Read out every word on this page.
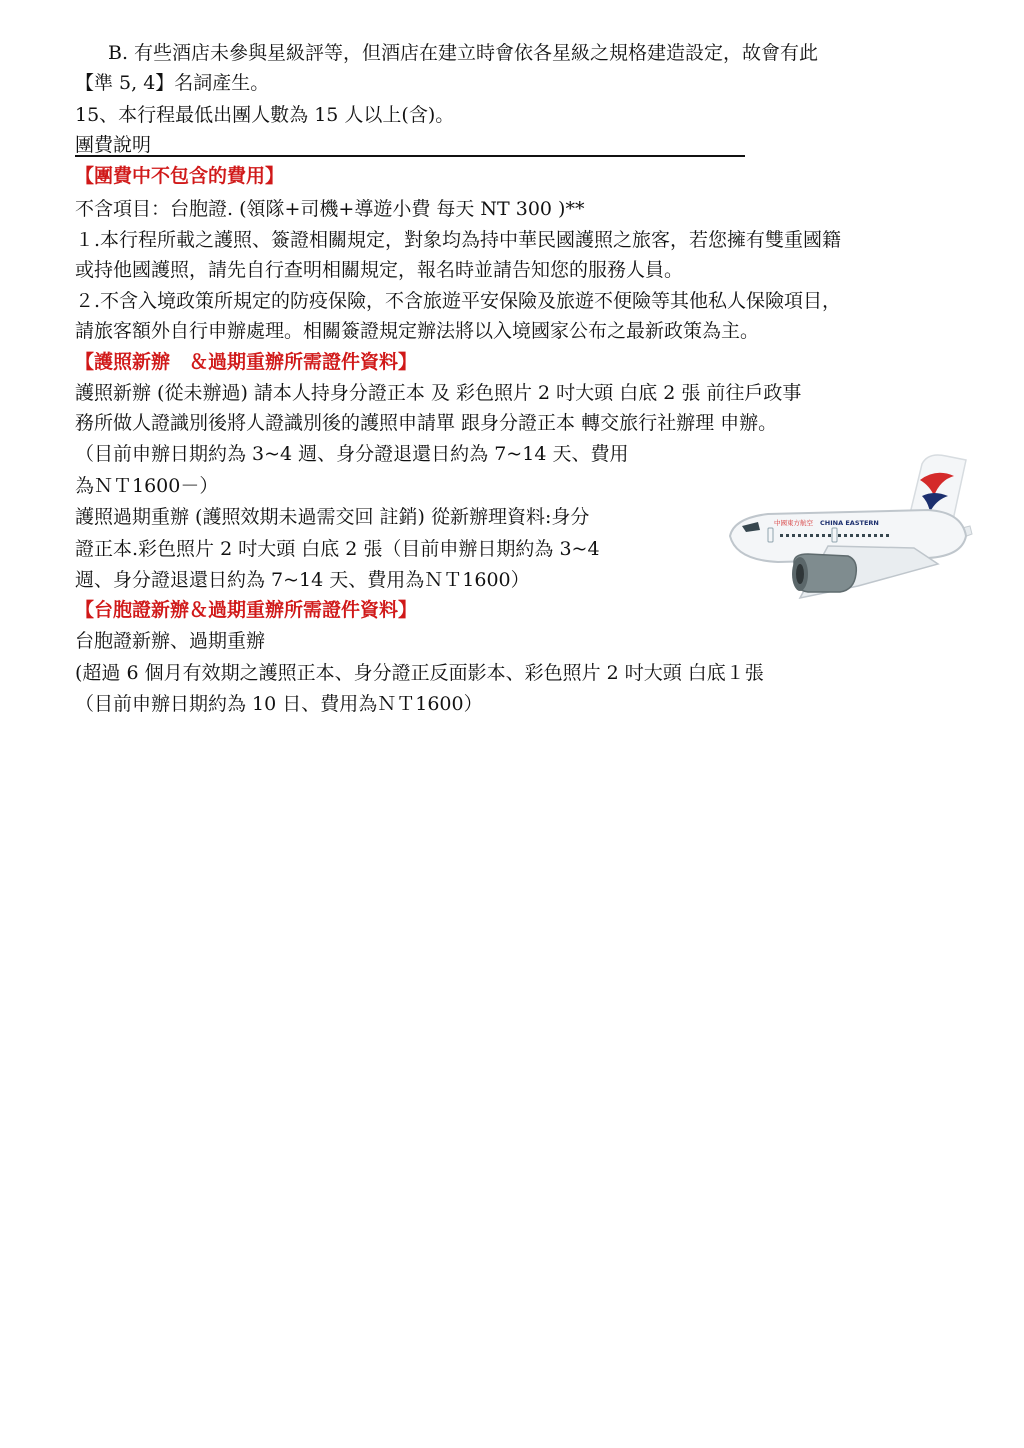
B. 有些酒店未參與星級評等，但酒店在建立時會依各星級之規格建造設定，故會有此
【準 5, 4】名詞產生。
15、本行程最低出團人數為 15 人以上(含)。
團費說明
【團費中不包含的費用】
不含項目：台胞證. (領隊+司機+導遊小費 每天 NT 300 )**
１.本行程所載之護照、簽證相關規定，對象均為持中華民國護照之旅客，若您擁有雙重國籍
或持他國護照，請先自行查明相關規定，報名時並請告知您的服務人員。
２.不含入境政策所規定的防疫保險，不含旅遊平安保險及旅遊不便險等其他私人保險項目，
請旅客額外自行申辦處理。相關簽證規定辦法將以入境國家公布之最新政策為主。
【護照新辦　＆過期重辦所需證件資料】
護照新辦 (從未辦過) 請本人持身分證正本 及 彩色照片 2 吋大頭 白底 2 張 前往戶政事
務所做人證識別後將人證識別後的護照申請單 跟身分證正本 轉交旅行社辦理 申辦。
（目前申辦日期約為 3~4 週、身分證退還日約為 7~14 天、費用
為ＮＴ1600－）
護照過期重辦 (護照效期未過需交回 註銷) 從新辦理資料:身分
證正本.彩色照片 2 吋大頭 白底 2 張（目前申辦日期約為 3~4
週、身分證退還日約為 7~14 天、費用為ＮＴ1600）
【台胞證新辦＆過期重辦所需證件資料】
台胞證新辦、過期重辦
(超過 6 個月有效期之護照正本、身分證正反面影本、彩色照片 2 吋大頭 白底１張
（目前申辦日期約為 10 日、費用為ＮＴ1600）
中國東方航空 CHINA EASTERN
